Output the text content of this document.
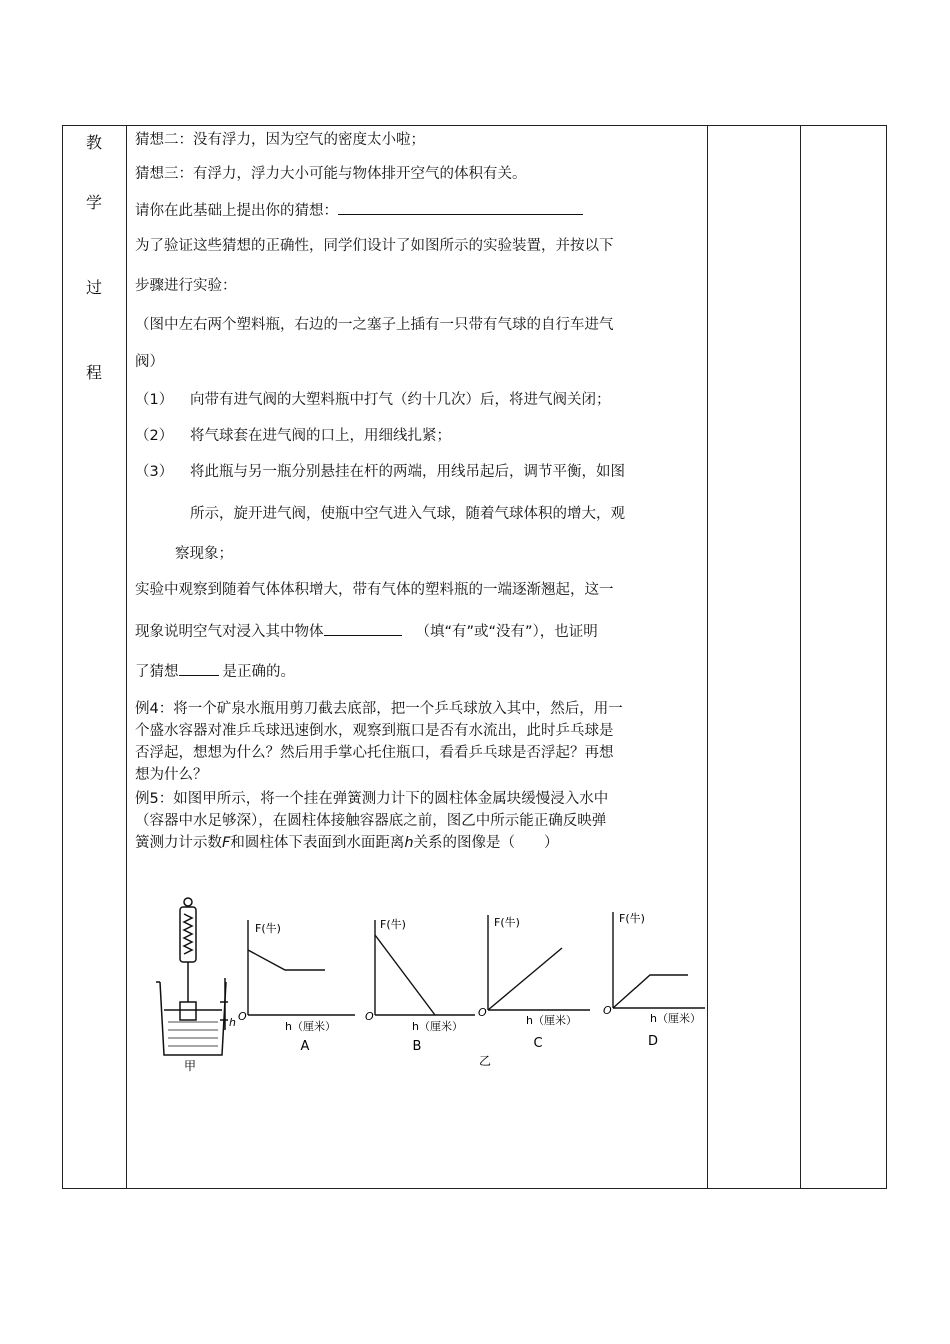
教
学
过
程
猜想二：没有浮力，因为空气的密度太小啦；
猜想三：有浮力，浮力大小可能与物体排开空气的体积有关。
请你在此基础上提出你的猜想：
为了验证这些猜想的正确性，同学们设计了如图所示的实验装置，并按以下
步骤进行实验：
（图中左右两个塑料瓶，右边的一之塞子上插有一只带有气球的自行车进气
阀）
（1） 向带有进气阀的大塑料瓶中打气（约十几次）后，将进气阀关闭；
（2） 将气球套在进气阀的口上，用细线扎紧；
（3） 将此瓶与另一瓶分别悬挂在杆的两端，用线吊起后，调节平衡，如图
所示，旋开进气阀，使瓶中空气进入气球，随着气球体积的增大，观
察现象；
实验中观察到随着气体体积增大，带有气体的塑料瓶的一端逐渐翘起，这一
现象说明空气对浸入其中物体	（填“有”或“没有”），也证明
了猜想	是正确的。
例4：将一个矿泉水瓶用剪刀截去底部，把一个乒乓球放入其中，然后，用一
个盛水容器对准乒乓球迅速倒水，观察到瓶口是否有水流出，此时乒乓球是
否浮起，想想为什么？然后用手掌心托住瓶口，看看乒乓球是否浮起？再想
想为什么？
例5：如图甲所示，将一个挂在弹簧测力计下的圆柱体金属块缓慢浸入水中
（容器中水足够深），在圆柱体接触容器底之前，图乙中所示能正确反映弹
簧测力计示数F和圆柱体下表面到水面距离h关系的图像是（　　）
h
甲
F(牛)
O
h（厘米）
A
F(牛)
O
h（厘米）
B
F(牛)
O
h（厘米）
C
F(牛)
O
h（厘米）
D
乙
